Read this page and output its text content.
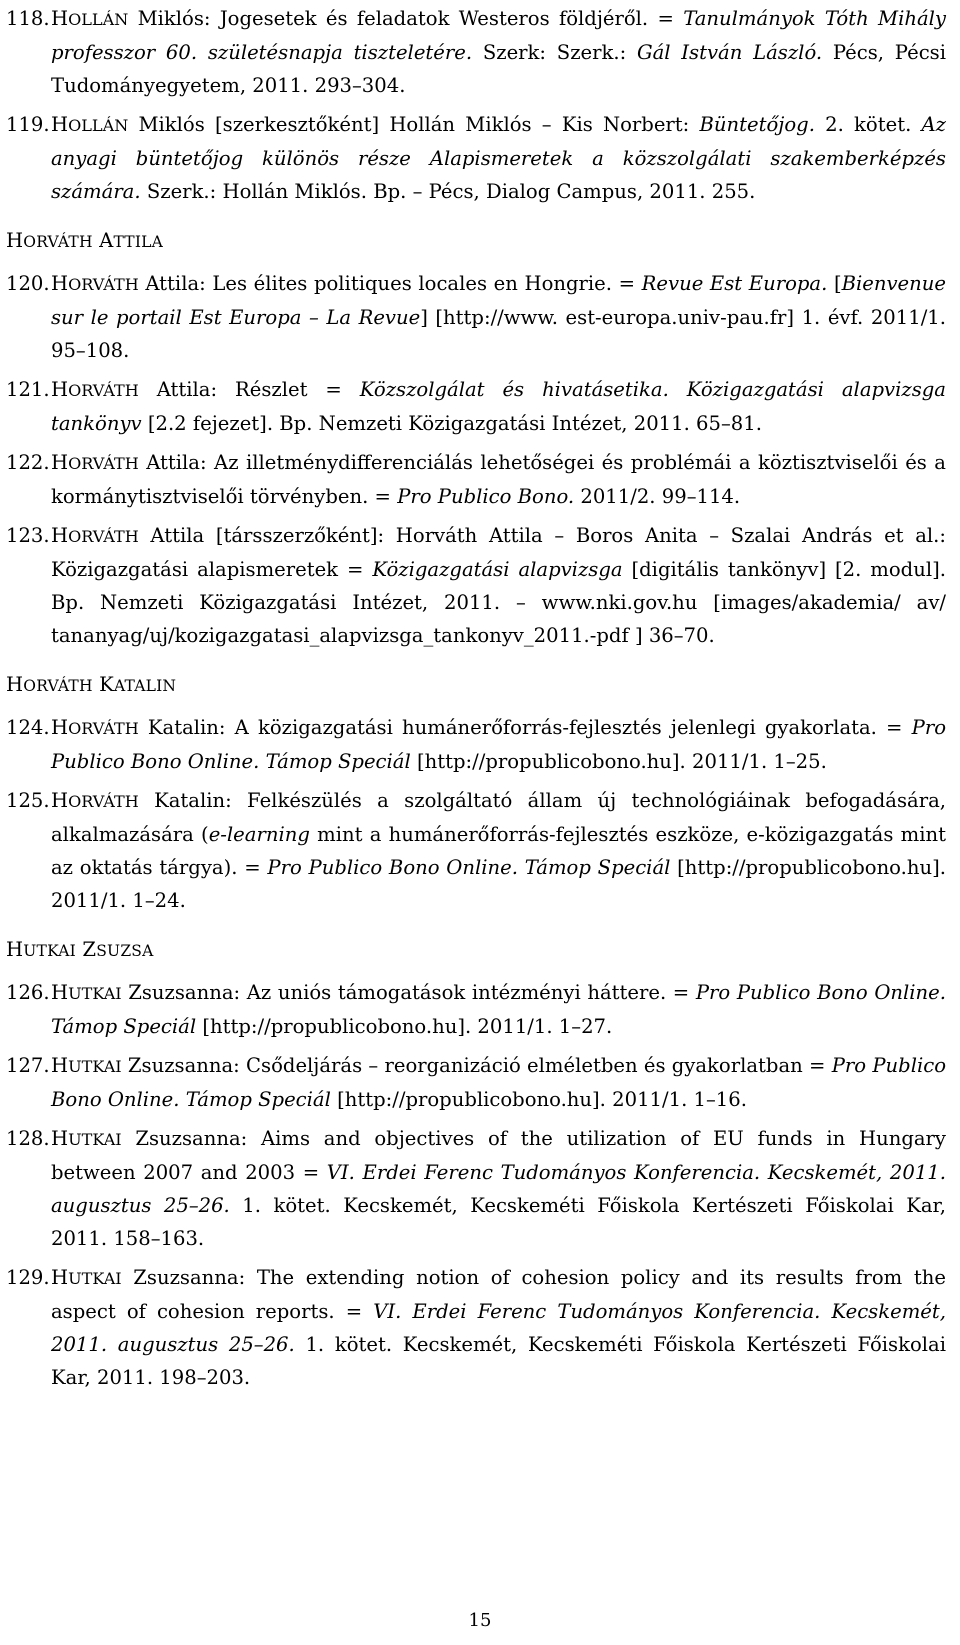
118. HOLLÁN Miklós: Jogesetek és feladatok Westeros földjéről. = Tanulmányok Tóth Mihály professzor 60. születésnapja tiszteletére. Szerk: Szerk.: Gál István László. Pécs, Pécsi Tudományegyetem, 2011. 293–304.
119. HOLLÁN Miklós [szerkesztőként] Hollán Miklós – Kis Norbert: Büntetőjog. 2. kötet. Az anyagi büntetőjog különös része Alapismeretek a közszolgálati szakemberképzés számára. Szerk.: Hollán Miklós. Bp. – Pécs, Dialog Campus, 2011. 255.
HORVÁTH ATTILA
120. HORVÁTH Attila: Les élites politiques locales en Hongrie. = Revue Est Europa. [Bienvenue sur le portail Est Europa – La Revue] [http://www. est-europa.univ-pau.fr] 1. évf. 2011/1. 95–108.
121. HORVÁTH Attila: Részlet = Közszolgálat és hivatásetika. Közigazgatási alapvizsga tankönyv [2.2 fejezet]. Bp. Nemzeti Közigazgatási Intézet, 2011. 65–81.
122. HORVÁTH Attila: Az illetménydifferenciálás lehetőségei és problémái a köztisztviselői és a kormánytisztviselői törvényben. = Pro Publico Bono. 2011/2. 99–114.
123. HORVÁTH Attila [társszerzőként]: Horváth Attila – Boros Anita – Szalai András et al.: Közigazgatási alapismeretek = Közigazgatási alapvizsga [digitális tankönyv] [2. modul]. Bp. Nemzeti Közigazgatási Intézet, 2011. – www.nki.gov.hu [images/akademia/ av/ tananyag/uj/kozigazgatasi_alapvizsga_tankonyv_2011.-pdf ] 36–70.
HORVÁTH KATALIN
124. HORVÁTH Katalin: A közigazgatási humánerőforrás-fejlesztés jelenlegi gyakorlata. = Pro Publico Bono Online. Támop Speciál [http://propublicobono.hu]. 2011/1. 1–25.
125. HORVÁTH Katalin: Felkészülés a szolgáltató állam új technológiáinak befogadására, alkalmazására (e-learning mint a humánerőforrás-fejlesztés eszköze, e-közigazgatás mint az oktatás tárgya). = Pro Publico Bono Online. Támop Speciál [http://propublicobono.hu]. 2011/1. 1–24.
HUTKAI ZSUZSA
126. HUTKAI Zsuzsanna: Az uniós támogatások intézményi háttere. = Pro Publico Bono Online. Támop Speciál [http://propublicobono.hu]. 2011/1. 1–27.
127. HUTKAI Zsuzsanna: Csődeljárás – reorganizáció elméletben és gyakorlatban = Pro Publico Bono Online. Támop Speciál [http://propublicobono.hu]. 2011/1. 1–16.
128. HUTKAI Zsuzsanna: Aims and objectives of the utilization of EU funds in Hungary between 2007 and 2003 = VI. Erdei Ferenc Tudományos Konferencia. Kecskemét, 2011. augusztus 25–26. 1. kötet. Kecskemét, Kecskeméti Főiskola Kertészeti Főiskolai Kar, 2011. 158–163.
129. HUTKAI Zsuzsanna: The extending notion of cohesion policy and its results from the aspect of cohesion reports. = VI. Erdei Ferenc Tudományos Konferencia. Kecskemét, 2011. augusztus 25–26. 1. kötet. Kecskemét, Kecskeméti Főiskola Kertészeti Főiskolai Kar, 2011. 198–203.
15
